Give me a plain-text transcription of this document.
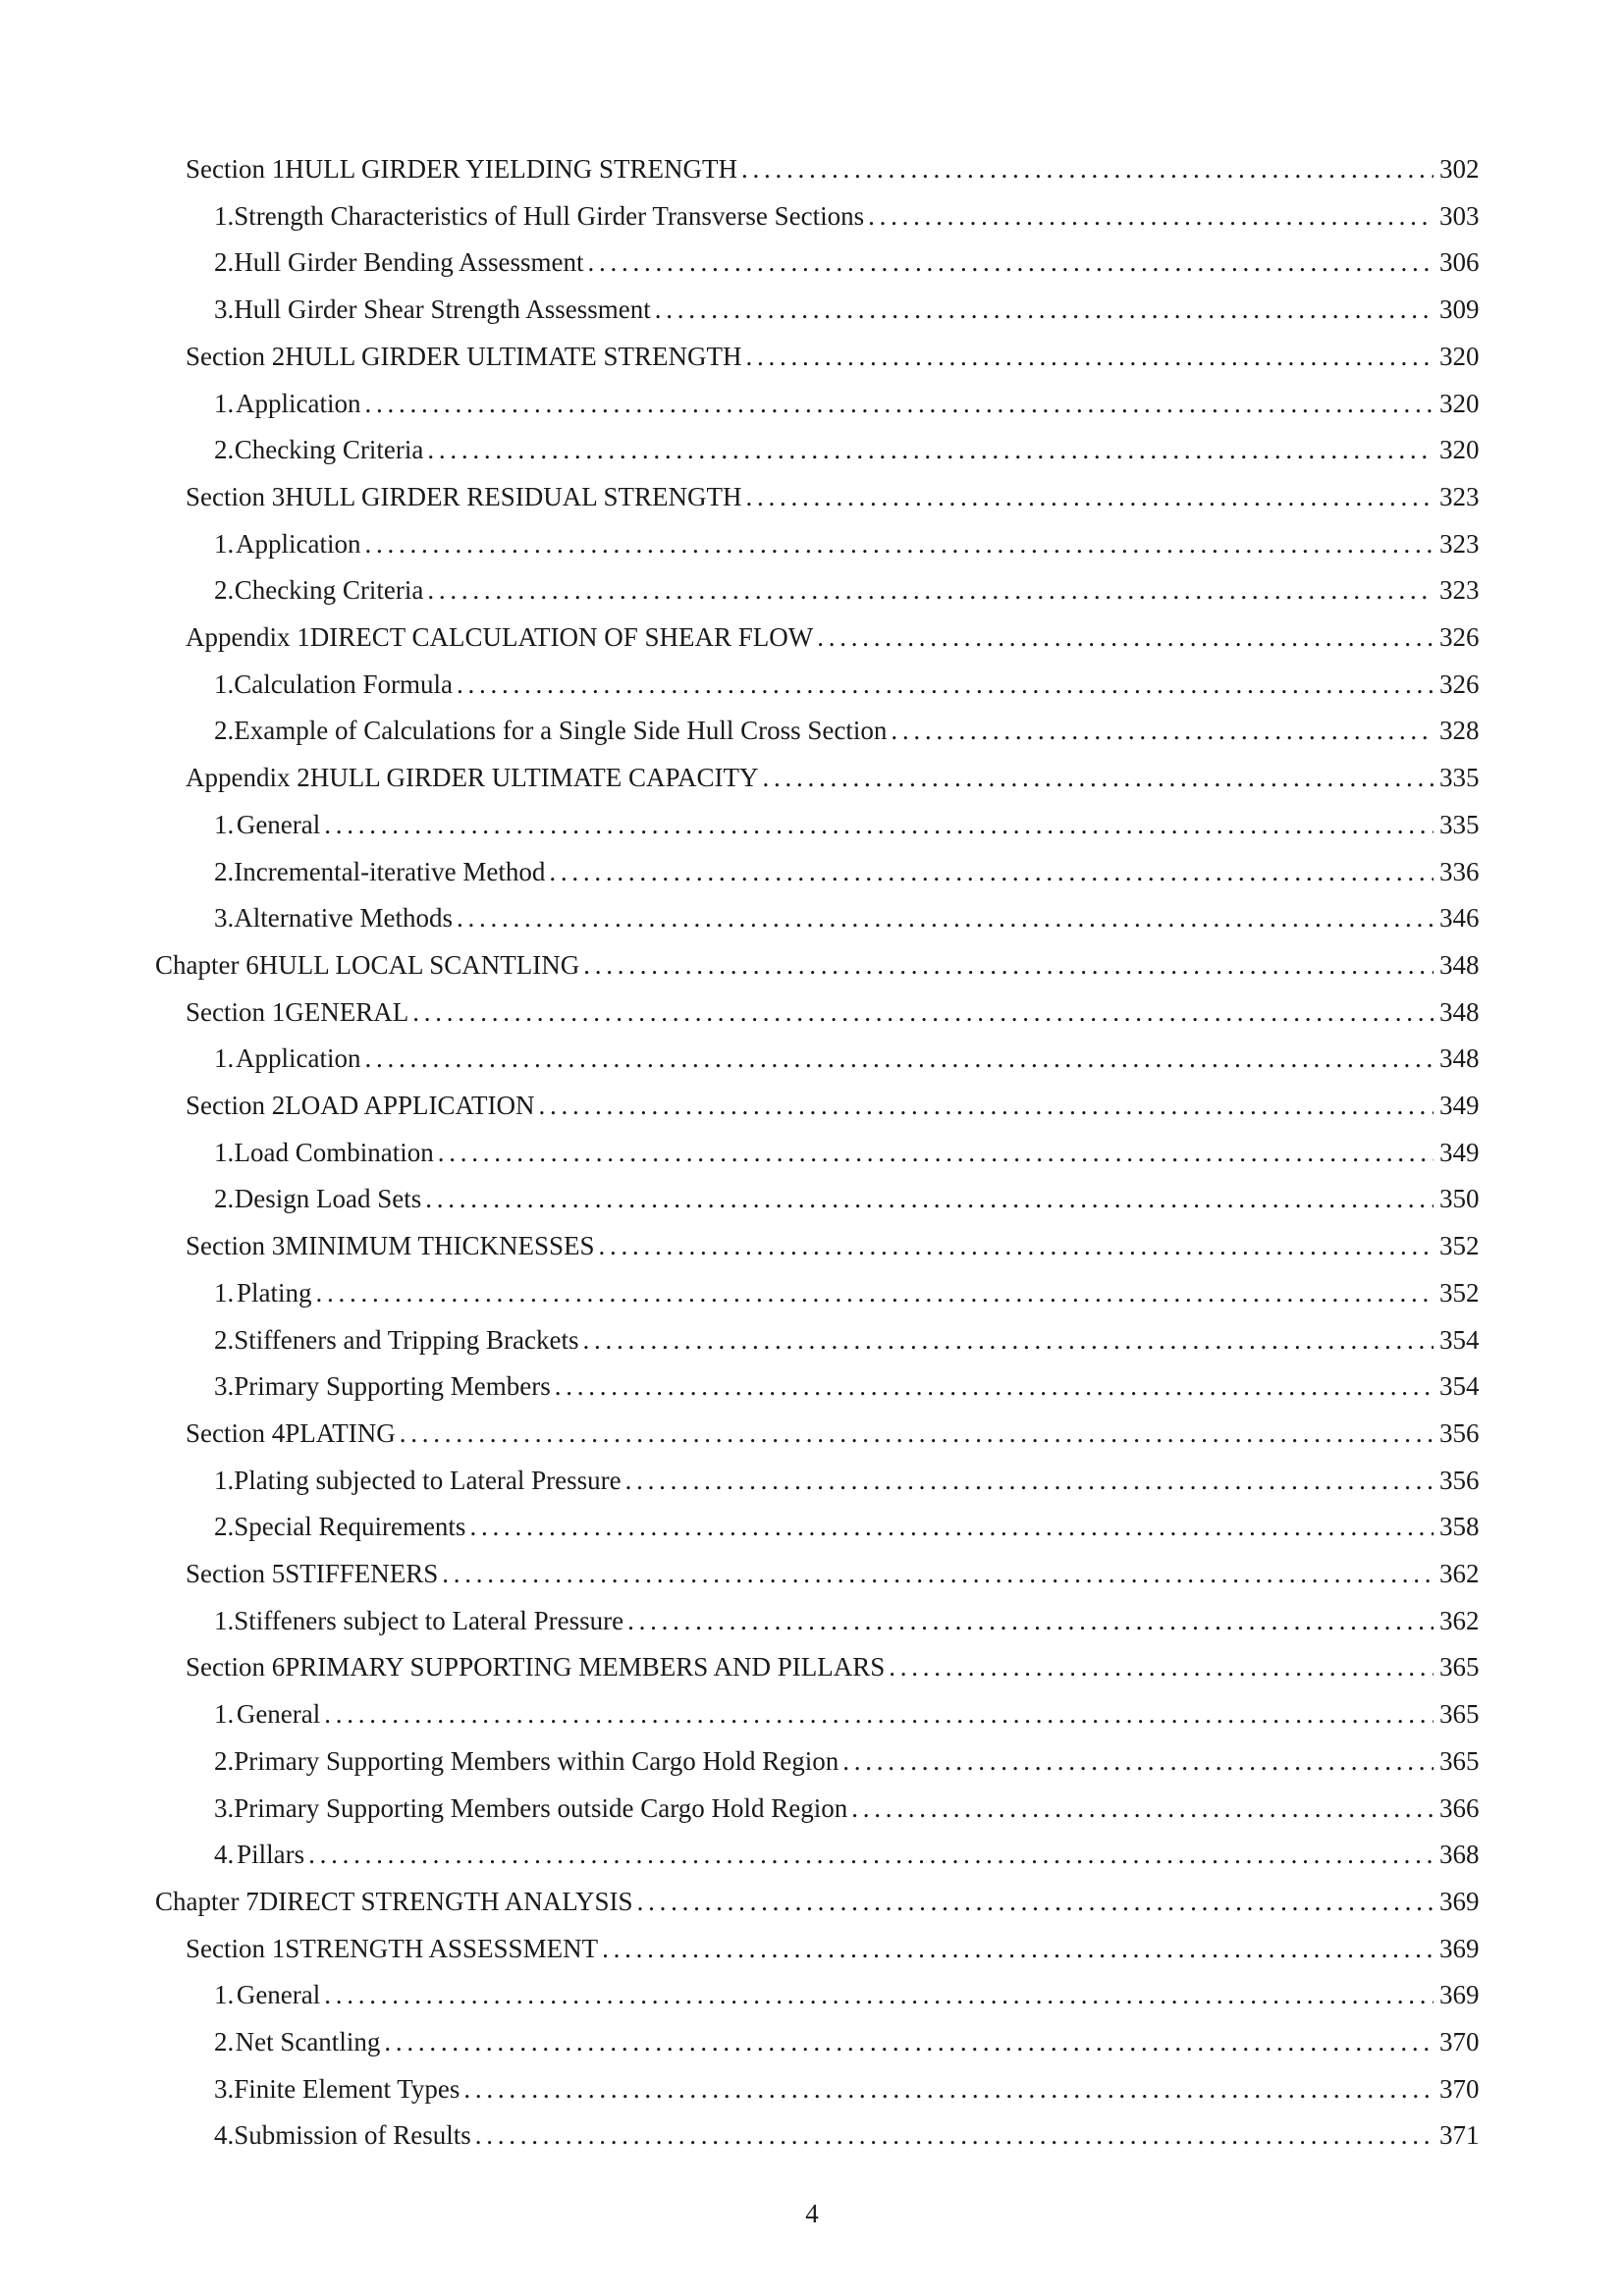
Section 1 HULL GIRDER YIELDING STRENGTH . . .	302
1. Strength Characteristics of Hull Girder Transverse Sections . . .	303
2. Hull Girder Bending Assessment . . .	306
3. Hull Girder Shear Strength Assessment . . .	309
Section 2 HULL GIRDER ULTIMATE STRENGTH . . .	320
1. Application . . .	320
2. Checking Criteria . . .	320
Section 3 HULL GIRDER RESIDUAL STRENGTH . . .	323
1. Application . . .	323
2. Checking Criteria . . .	323
Appendix 1 DIRECT CALCULATION OF SHEAR FLOW . . .	326
1. Calculation Formula . . .	326
2. Example of Calculations for a Single Side Hull Cross Section . . .	328
Appendix 2 HULL GIRDER ULTIMATE CAPACITY . . .	335
1. General . . .	335
2. Incremental-iterative Method . . .	336
3. Alternative Methods . . .	346
Chapter 6 HULL LOCAL SCANTLING . . .	348
Section 1 GENERAL . . .	348
1. Application . . .	348
Section 2 LOAD APPLICATION . . .	349
1. Load Combination . . .	349
2. Design Load Sets . . .	350
Section 3 MINIMUM THICKNESSES . . .	352
1. Plating . . .	352
2. Stiffeners and Tripping Brackets . . .	354
3. Primary Supporting Members . . .	354
Section 4 PLATING . . .	356
1. Plating subjected to Lateral Pressure . . .	356
2. Special Requirements . . .	358
Section 5 STIFFENERS . . .	362
1. Stiffeners subject to Lateral Pressure . . .	362
Section 6 PRIMARY SUPPORTING MEMBERS AND PILLARS . . .	365
1. General . . .	365
2. Primary Supporting Members within Cargo Hold Region . . .	365
3. Primary Supporting Members outside Cargo Hold Region . . .	366
4. Pillars . . .	368
Chapter 7 DIRECT STRENGTH ANALYSIS . . .	369
Section 1 STRENGTH ASSESSMENT . . .	369
1. General . . .	369
2. Net Scantling . . .	370
3. Finite Element Types . . .	370
4. Submission of Results . . .	371
4
